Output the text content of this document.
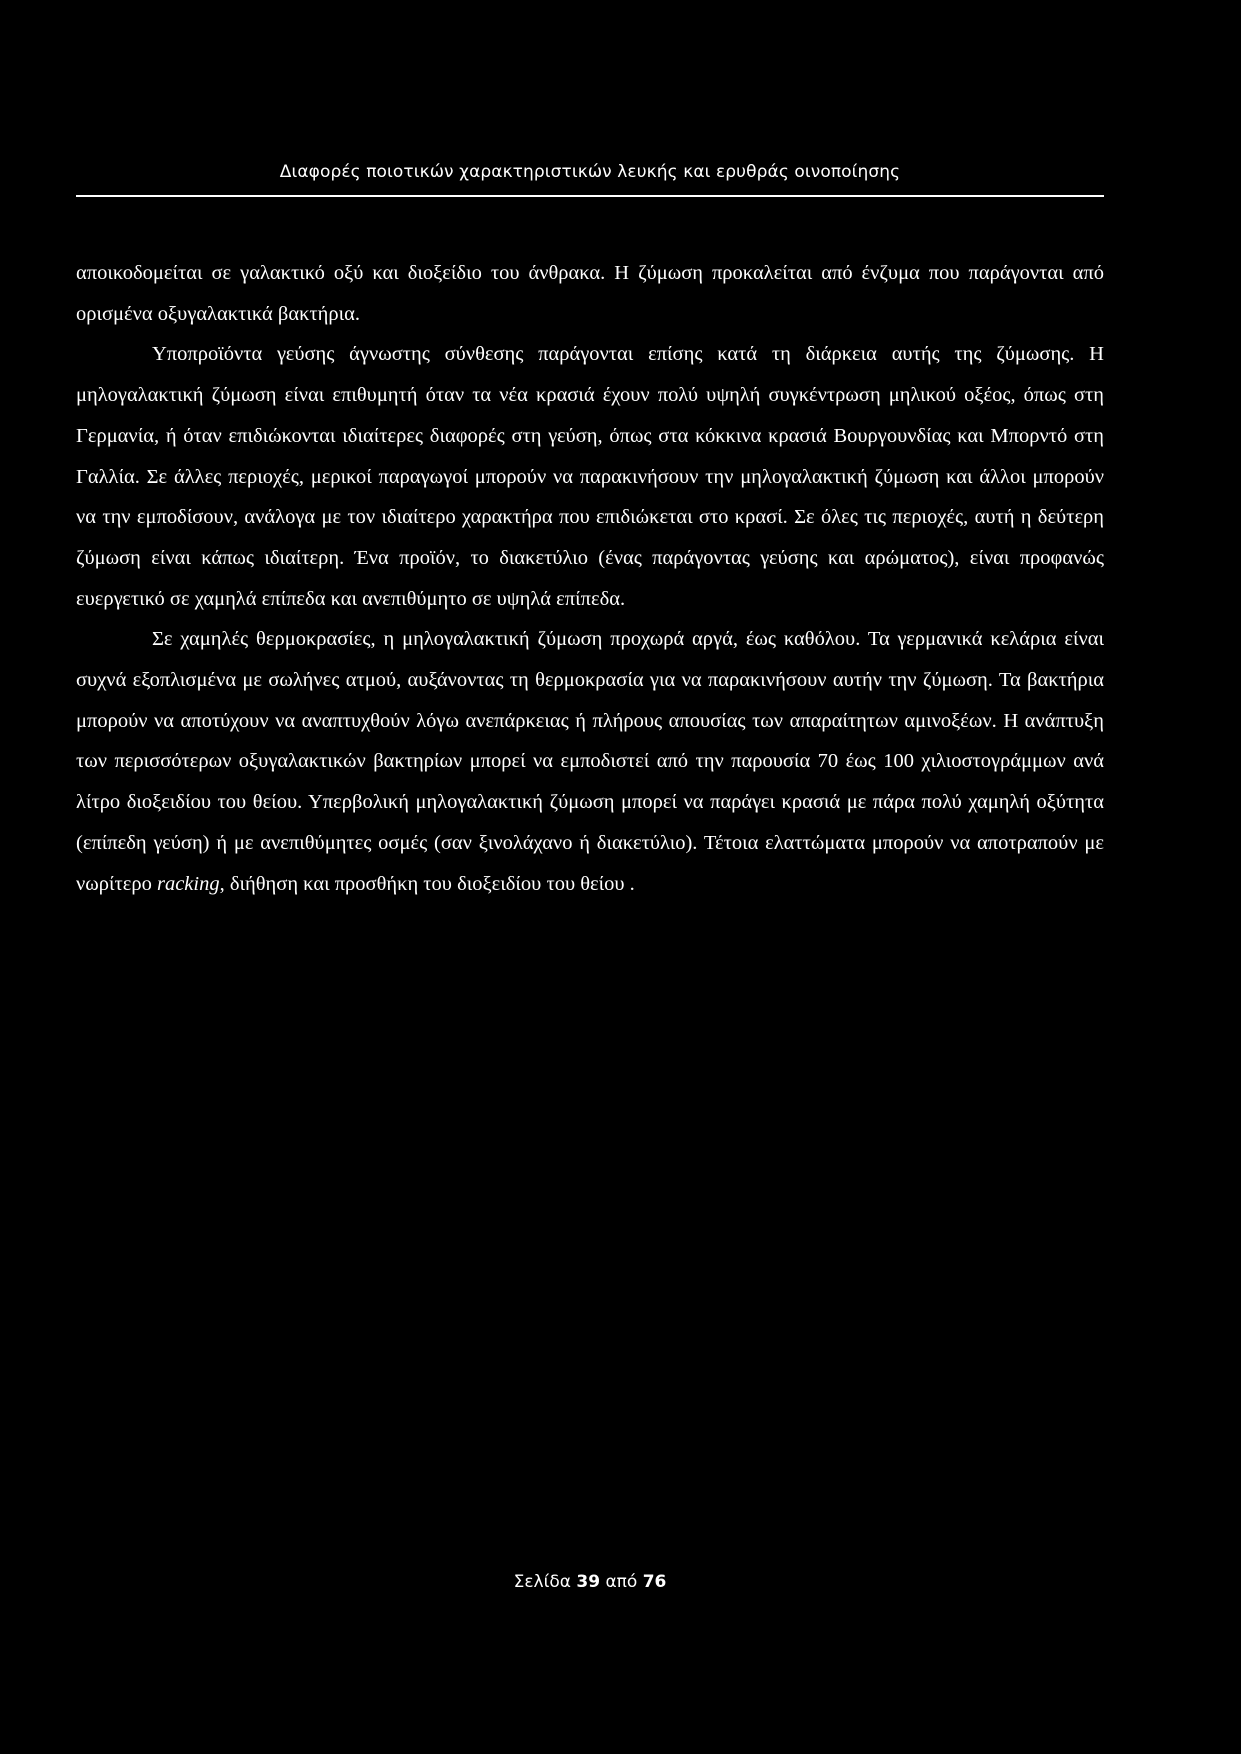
Διαφορές ποιοτικών χαρακτηριστικών λευκής και ερυθράς οινοποίησης

αποικοδομείται σε γαλακτικό οξύ και διοξείδιο του άνθρακα. Η ζύμωση προκαλείται από ένζυμα που παράγονται από ορισμένα οξυγαλακτικά βακτήρια.

Υποπροϊόντα γεύσης άγνωστης σύνθεσης παράγονται επίσης κατά τη διάρκεια αυτής της ζύμωσης. Η μηλογαλακτική ζύμωση είναι επιθυμητή όταν τα νέα κρασιά έχουν πολύ υψηλή συγκέντρωση μηλικού οξέος, όπως στη Γερμανία, ή όταν επιδιώκονται ιδιαίτερες διαφορές στη γεύση, όπως στα κόκκινα κρασιά Βουργουνδίας και Μπορντό στη Γαλλία. Σε άλλες περιοχές, μερικοί παραγωγοί μπορούν να παρακινήσουν την μηλογαλακτική ζύμωση και άλλοι μπορούν να την εμποδίσουν, ανάλογα με τον ιδιαίτερο χαρακτήρα που επιδιώκεται στο κρασί. Σε όλες τις περιοχές, αυτή η δεύτερη ζύμωση είναι κάπως ιδιαίτερη. Ένα προϊόν, το διακετύλιο (ένας παράγοντας γεύσης και αρώματος), είναι προφανώς ευεργετικό σε χαμηλά επίπεδα και ανεπιθύμητο σε υψηλά επίπεδα.

Σε χαμηλές θερμοκρασίες, η μηλογαλακτική ζύμωση προχωρά αργά, έως καθόλου. Τα γερμανικά κελάρια είναι συχνά εξοπλισμένα με σωλήνες ατμού, αυξάνοντας τη θερμοκρασία για να παρακινήσουν αυτήν την ζύμωση. Τα βακτήρια μπορούν να αποτύχουν να αναπτυχθούν λόγω ανεπάρκειας ή πλήρους απουσίας των απαραίτητων αμινοξέων. Η ανάπτυξη των περισσότερων οξυγαλακτικών βακτηρίων μπορεί να εμποδιστεί από την παρουσία 70 έως 100 χιλιοστογράμμων ανά λίτρο διοξειδίου του θείου. Υπερβολική μηλογαλακτική ζύμωση μπορεί να παράγει κρασιά με πάρα πολύ χαμηλή οξύτητα (επίπεδη γεύση) ή με ανεπιθύμητες οσμές (σαν ξινολάχανο ή διακετύλιο). Τέτοια ελαττώματα μπορούν να αποτραπούν με νωρίτερο racking, διήθηση και προσθήκη του διοξειδίου του θείου .

Σελίδα 39 από 76
